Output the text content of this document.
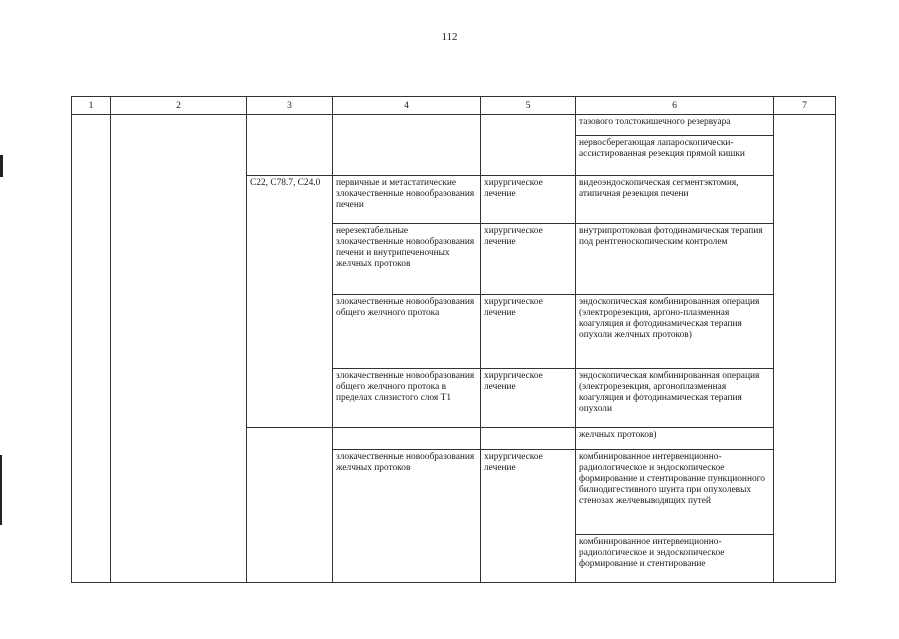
112
1	2	3	4	5	6	7
					тазового толстокишечного резервуара	
					нервосберегающая лапароскопически-ассистированная резекция прямой кишки	
		C22, C78.7, C24.0	первичные и метастатические злокачественные новообразования печени	хирургическое лечение	видеоэндоскопическая сегментэктомия, атипичная резекция печени	
			нерезектабельные злокачественные новообразования печени и внутрипеченочных желчных протоков	хирургическое лечение	внутрипротоковая фотодинамическая терапия под рентгеноскопическим контролем	
			злокачественные новообразования общего желчного протока	хирургическое лечение	эндоскопическая комбинированная операция (электрорезекция, аргоно-плазменная коагуляция и фотодинамическая терапия опухоли желчных протоков)	
			злокачественные новообразования общего желчного протока в пределах слизистого слоя T1	хирургическое лечение	эндоскопическая комбинированная операция (электрорезекция, аргоноплазменная коагуляция и фотодинамическая терапия опухоли	
					желчных протоков)	
			злокачественные новообразования желчных протоков	хирургическое лечение	комбинированное интервенционно-радиологическое и эндоскопическое формирование и стентирование пункционного билиодигестивного шунта при опухолевых стенозах желчевыводящих путей	
					комбинированное интервенционно-радиологическое и эндоскопическое формирование и стентирование	
